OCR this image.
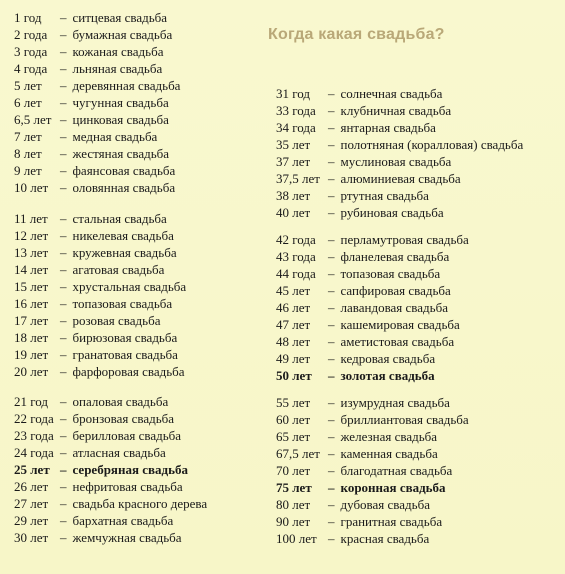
Когда какая свадьба?
1 год – ситцевая свадьба
2 года – бумажная свадьба
3 года – кожаная свадьба
4 года – льняная свадьба
5 лет – деревянная свадьба
6 лет – чугунная свадьба
6,5 лет – цинковая свадьба
7 лет – медная свадьба
8 лет – жестяная свадьба
9 лет – фаянсовая свадьба
10 лет – оловянная свадьба
11 лет – стальная свадьба
12 лет – никелевая свадьба
13 лет – кружевная свадьба
14 лет – агатовая свадьба
15 лет – хрустальная свадьба
16 лет – топазовая свадьба
17 лет – розовая свадьба
18 лет – бирюзовая свадьба
19 лет – гранатовая свадьба
20 лет – фарфоровая свадьба
21 год – опаловая свадьба
22 года – бронзовая свадьба
23 года – берилловая свадьба
24 года – атласная свадьба
25 лет – серебряная свадьба
26 лет – нефритовая свадьба
27 лет – свадьба красного дерева
29 лет – бархатная свадьба
30 лет – жемчужная свадьба
31 год – солнечная свадьба
33 года – клубничная свадьба
34 года – янтарная свадьба
35 лет – полотняная (коралловая) свадьба
37 лет – муслиновая свадьба
37,5 лет – алюминиевая свадьба
38 лет – ртутная свадьба
40 лет – рубиновая свадьба
42 года – перламутровая свадьба
43 года – фланелевая свадьба
44 года – топазовая свадьба
45 лет – сапфировая свадьба
46 лет – лавандовая свадьба
47 лет – кашемировая свадьба
48 лет – аметистовая свадьба
49 лет – кедровая свадьба
50 лет – золотая свадьба
55 лет – изумрудная свадьба
60 лет – бриллиантовая свадьба
65 лет – железная свадьба
67,5 лет – каменная свадьба
70 лет – благодатная свадьба
75 лет – коронная свадьба
80 лет – дубовая свадьба
90 лет – гранитная свадьба
100 лет – красная свадьба
